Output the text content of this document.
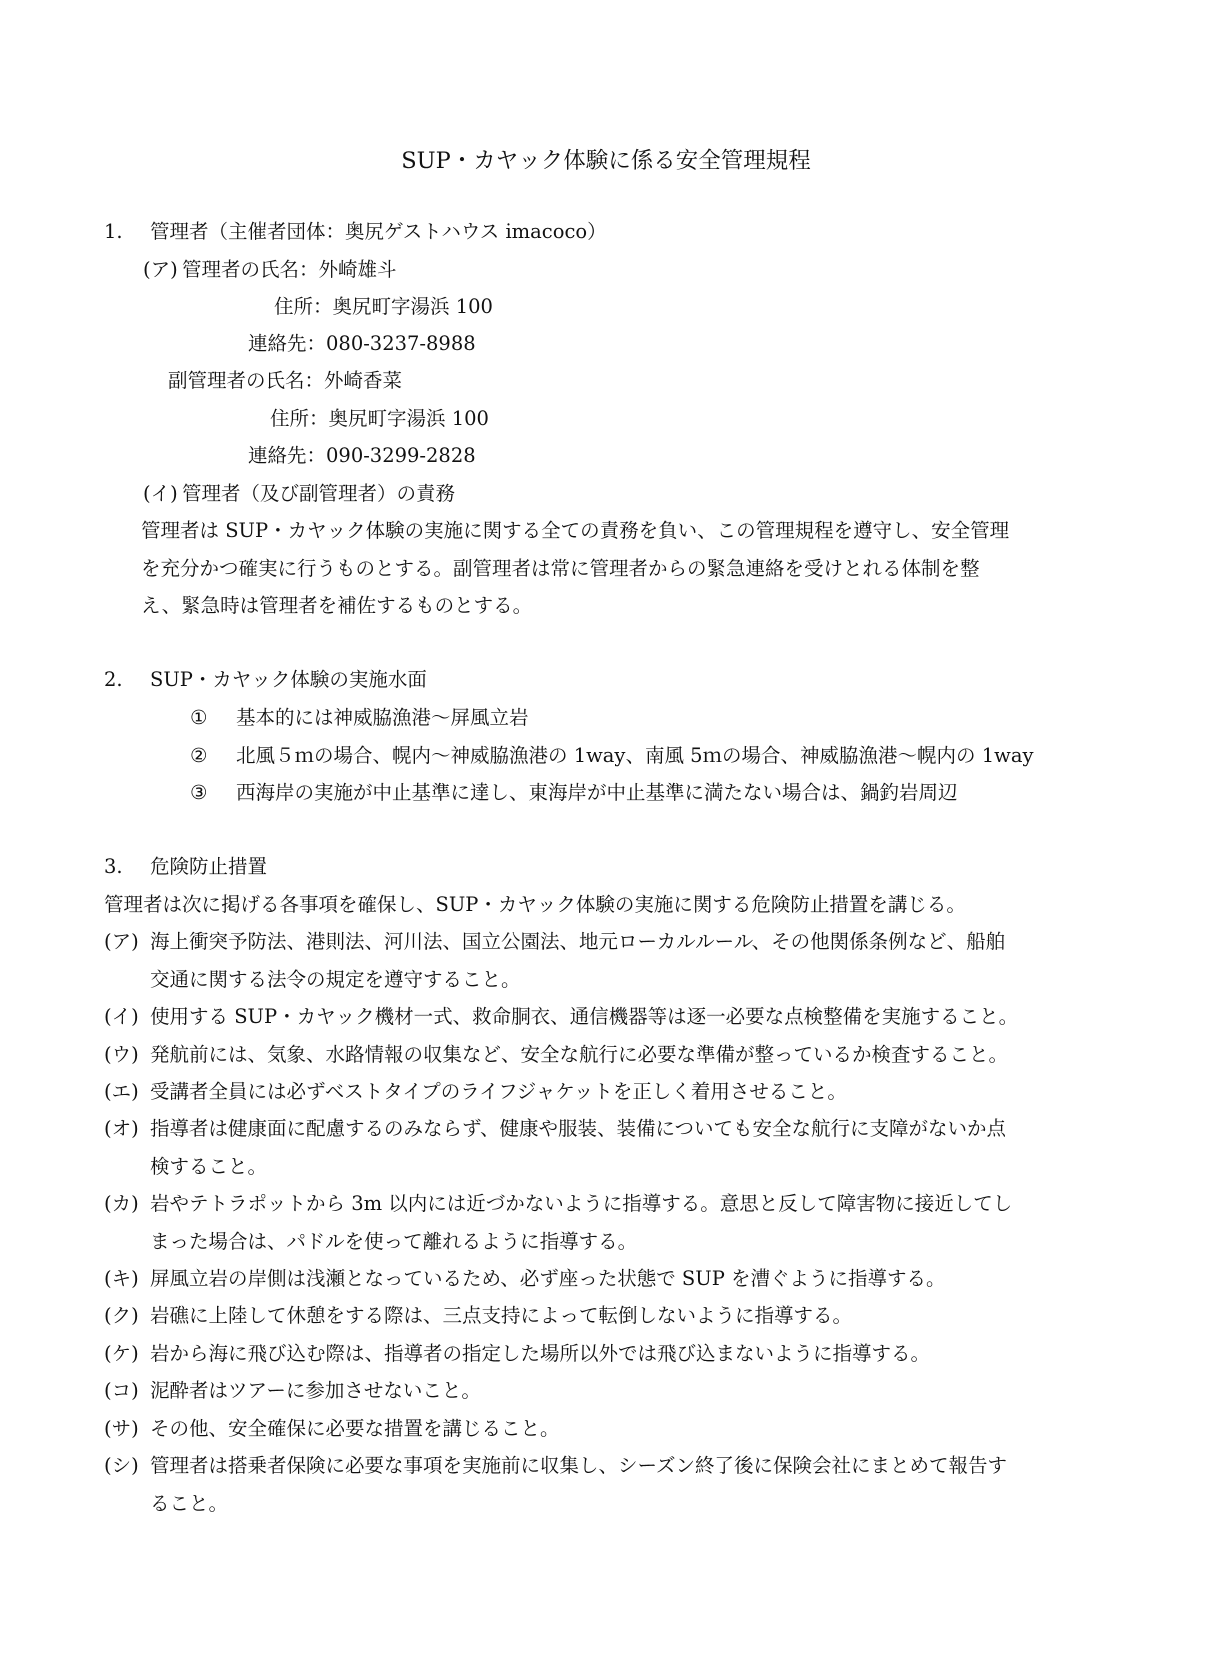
SUP・カヤック体験に係る安全管理規程
1. 管理者（主催者団体：奥尻ゲストハウス imacoco）
(ア) 管理者の氏名：外崎雄斗
住所：奥尻町字湯浜 100
連絡先：080-3237-8988
副管理者の氏名：外崎香菜
住所：奥尻町字湯浜 100
連絡先：090-3299-2828
(イ) 管理者（及び副管理者）の責務
管理者は SUP・カヤック体験の実施に関する全ての責務を負い、この管理規程を遵守し、安全管理
を充分かつ確実に行うものとする。副管理者は常に管理者からの緊急連絡を受けとれる体制を整
え、緊急時は管理者を補佐するものとする。
2. SUP・カヤック体験の実施水面
① 基本的には神威脇漁港〜屏風立岩
② 北風５ｍの場合、幌内〜神威脇漁港の 1way、南風 5ｍの場合、神威脇漁港〜幌内の 1way
③ 西海岸の実施が中止基準に達し、東海岸が中止基準に満たない場合は、鍋釣岩周辺
3. 危険防止措置
管理者は次に掲げる各事項を確保し、SUP・カヤック体験の実施に関する危険防止措置を講じる。
(ア) 海上衝突予防法、港則法、河川法、国立公園法、地元ローカルルール、その他関係条例など、船舶
交通に関する法令の規定を遵守すること。
(イ) 使用する SUP・カヤック機材一式、救命胴衣、通信機器等は逐一必要な点検整備を実施すること。
(ウ) 発航前には、気象、水路情報の収集など、安全な航行に必要な準備が整っているか検査すること。
(エ) 受講者全員には必ずベストタイプのライフジャケットを正しく着用させること。
(オ) 指導者は健康面に配慮するのみならず、健康や服装、装備についても安全な航行に支障がないか点
検すること。
(カ) 岩やテトラポットから 3m 以内には近づかないように指導する。意思と反して障害物に接近してし
まった場合は、パドルを使って離れるように指導する。
(キ) 屏風立岩の岸側は浅瀬となっているため、必ず座った状態で SUP を漕ぐように指導する。
(ク) 岩礁に上陸して休憩をする際は、三点支持によって転倒しないように指導する。
(ケ) 岩から海に飛び込む際は、指導者の指定した場所以外では飛び込まないように指導する。
(コ) 泥酔者はツアーに参加させないこと。
(サ) その他、安全確保に必要な措置を講じること。
(シ) 管理者は搭乗者保険に必要な事項を実施前に収集し、シーズン終了後に保険会社にまとめて報告す
ること。
